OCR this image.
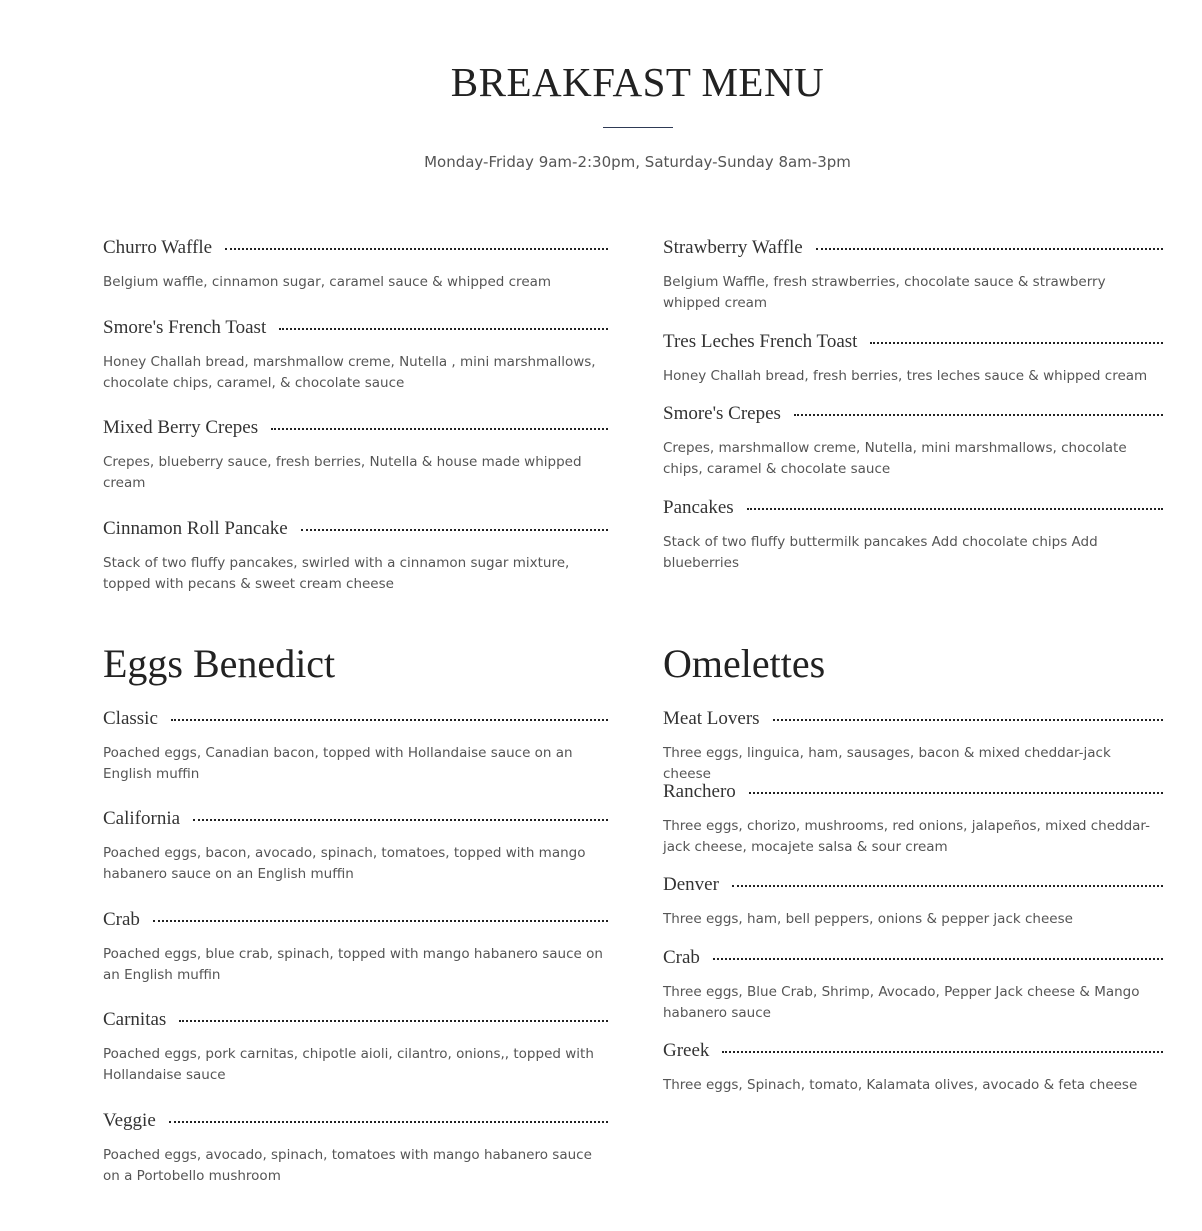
BREAKFAST MENU

Monday-Friday 9am-2:30pm, Saturday-Sunday 8am-3pm

Churro Waffle

Belgium waffle, cinnamon sugar, caramel sauce & whipped cream

Smore's French Toast

Honey Challah bread, marshmallow creme, Nutella , mini marshmallows, chocolate chips, caramel, & chocolate sauce

Mixed Berry Crepes

Crepes, blueberry sauce, fresh berries, Nutella & house made whipped cream

Cinnamon Roll Pancake

Stack of two fluffy pancakes, swirled with a cinnamon sugar mixture, topped with pecans & sweet cream cheese

Strawberry Waffle

Belgium Waffle, fresh strawberries, chocolate sauce & strawberry whipped cream

Tres Leches French Toast

Honey Challah bread, fresh berries, tres leches sauce & whipped cream

Smore's Crepes

Crepes, marshmallow creme, Nutella, mini marshmallows, chocolate chips, caramel & chocolate sauce

Pancakes

Stack of two fluffy buttermilk pancakes Add chocolate chips Add blueberries

Eggs Benedict
Classic

Poached eggs, Canadian bacon, topped with Hollandaise sauce on an English muffin

California

Poached eggs, bacon, avocado, spinach, tomatoes, topped with mango habanero sauce on an English muffin

Crab

Poached eggs, blue crab, spinach, topped with mango habanero sauce on an English muffin

Carnitas

Poached eggs, pork carnitas, chipotle aioli, cilantro, onions,, topped with Hollandaise sauce

Veggie

Poached eggs, avocado, spinach, tomatoes with mango habanero sauce on a Portobello mushroom

Omelettes
Meat Lovers

Three eggs, linguica, ham, sausages, bacon & mixed cheddar-jack cheese

Ranchero

Three eggs, chorizo, mushrooms, red onions, jalapeños, mixed cheddar-jack cheese, mocajete salsa & sour cream

Denver

Three eggs, ham, bell peppers, onions & pepper jack cheese

Crab

Three eggs, Blue Crab, Shrimp, Avocado, Pepper Jack cheese & Mango habanero sauce

Greek

Three eggs, Spinach, tomato, Kalamata olives, avocado & feta cheese
